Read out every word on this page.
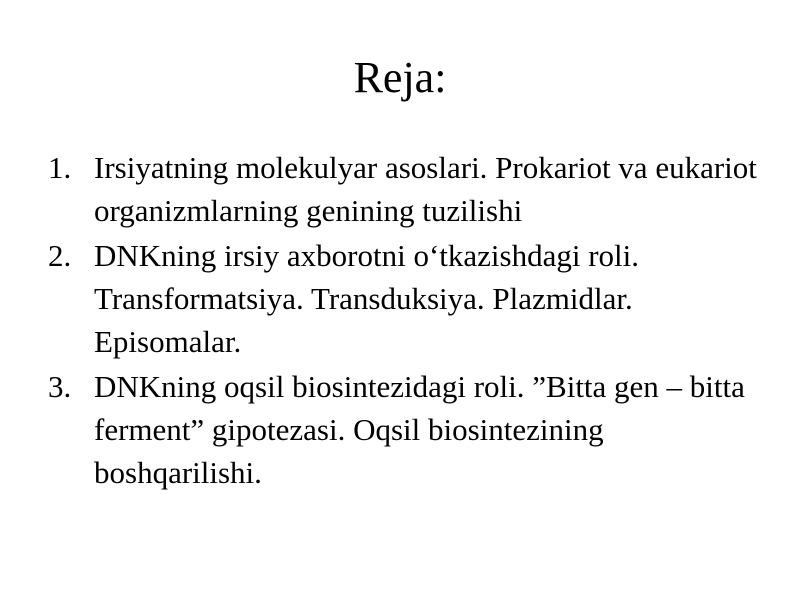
Reja:
1. Irsiyatning molekulyar asoslari. Prokariot va eukariot organizmlarning genining tuzilishi
2. DNKning irsiy axborotni o‘tkazishdagi roli. Transformatsiya. Transduksiya. Plazmidlar. Episomalar.
3. DNKning oqsil biosintezidagi roli. ”Bitta gen – bitta ferment” gipotezasi. Oqsil biosintezining boshqarilishi.
